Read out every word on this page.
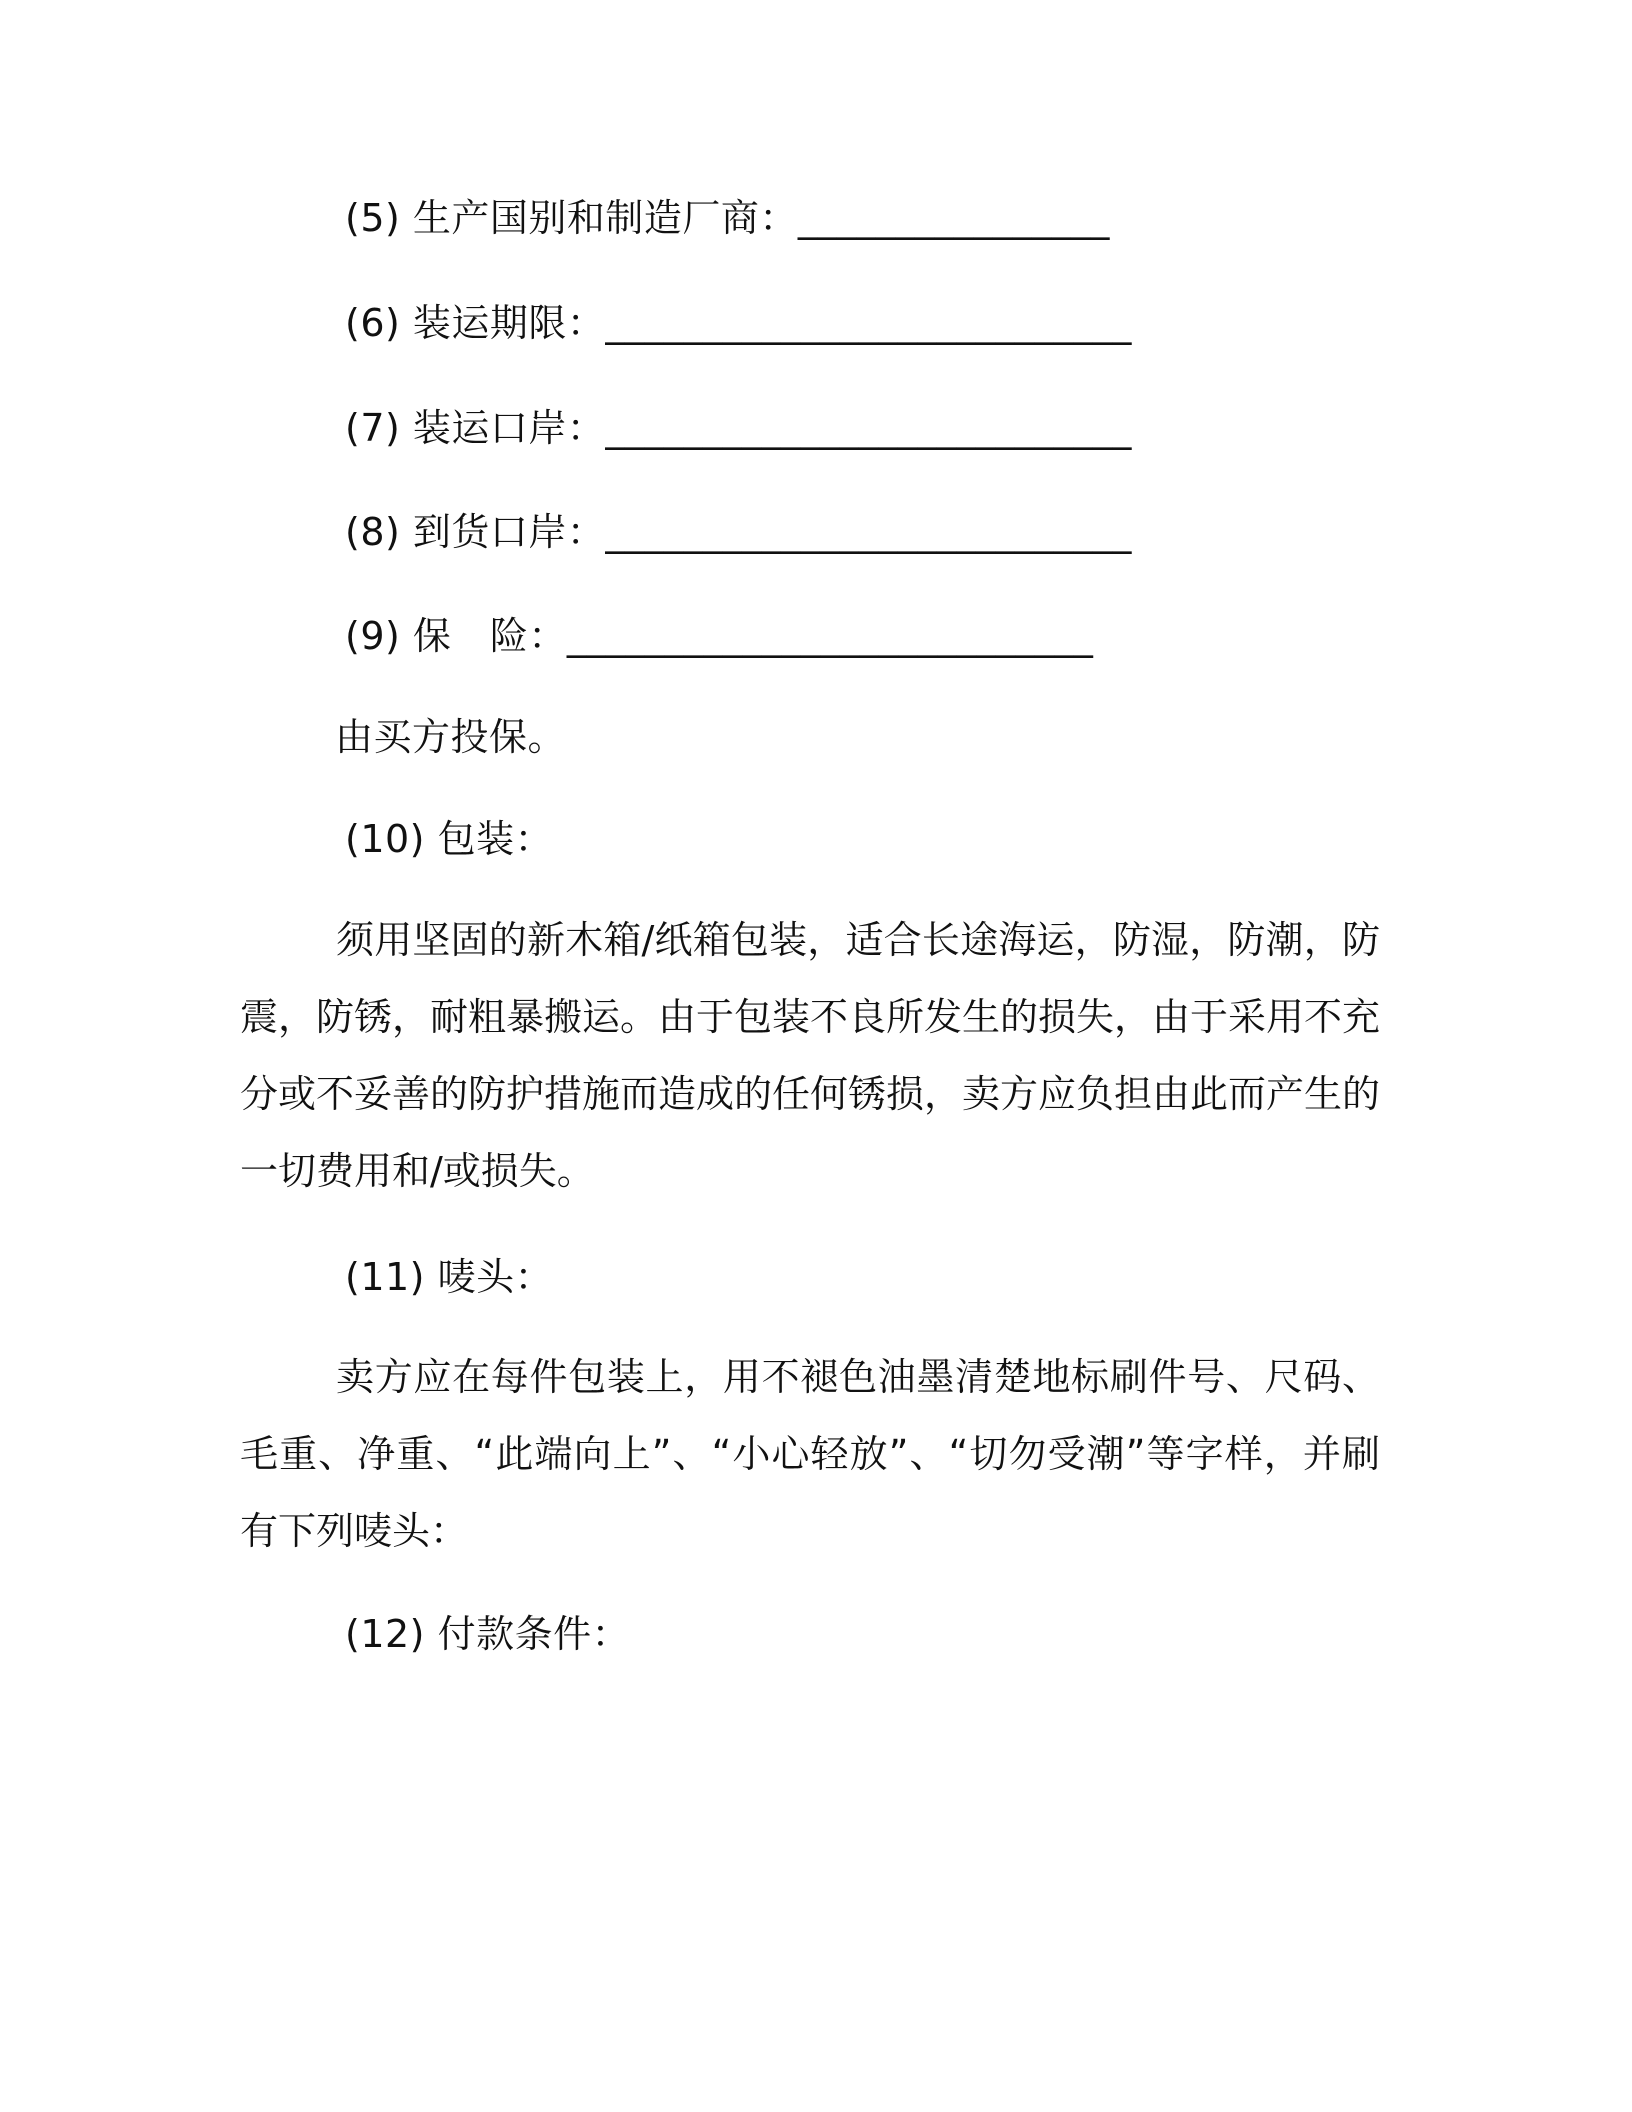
(5) 生产国别和制造厂商：________________
(6) 装运期限：___________________________
(7) 装运口岸：___________________________
(8) 到货口岸：___________________________
(9) 保　险：___________________________
由买方投保。
(10) 包装：

须用坚固的新木箱/纸箱包装，适合长途海运，防湿，防潮，防震，防锈，耐粗暴搬运。由于包装不良所发生的损失，由于采用不充分或不妥善的防护措施而造成的任何锈损，卖方应负担由此而产生的一切费用和/或损失。

(11) 唛头：

卖方应在每件包装上，用不褪色油墨清楚地标刷件号、尺码、毛重、净重、“此端向上”、“小心轻放”、“切勿受潮”等字样，并刷有下列唛头：

(12) 付款条件：
